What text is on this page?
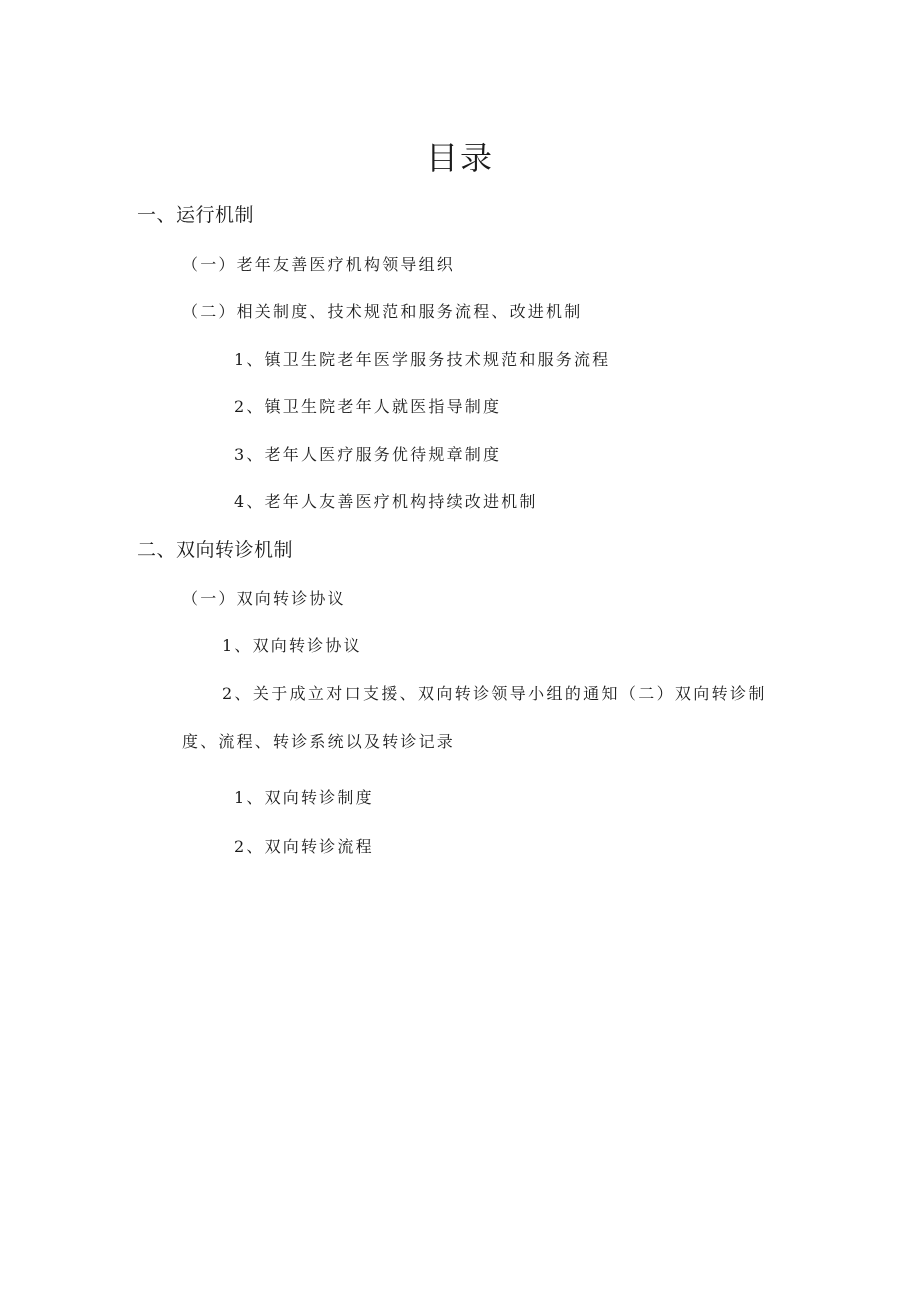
目录
一、运行机制
（一）老年友善医疗机构领导组织
（二）相关制度、技术规范和服务流程、改进机制
1、镇卫生院老年医学服务技术规范和服务流程
2、镇卫生院老年人就医指导制度
3、老年人医疗服务优待规章制度
4、老年人友善医疗机构持续改进机制
二、双向转诊机制
（一）双向转诊协议
1、双向转诊协议
2、关于成立对口支援、双向转诊领导小组的通知（二）双向转诊制
度、流程、转诊系统以及转诊记录
1、双向转诊制度
2、双向转诊流程
